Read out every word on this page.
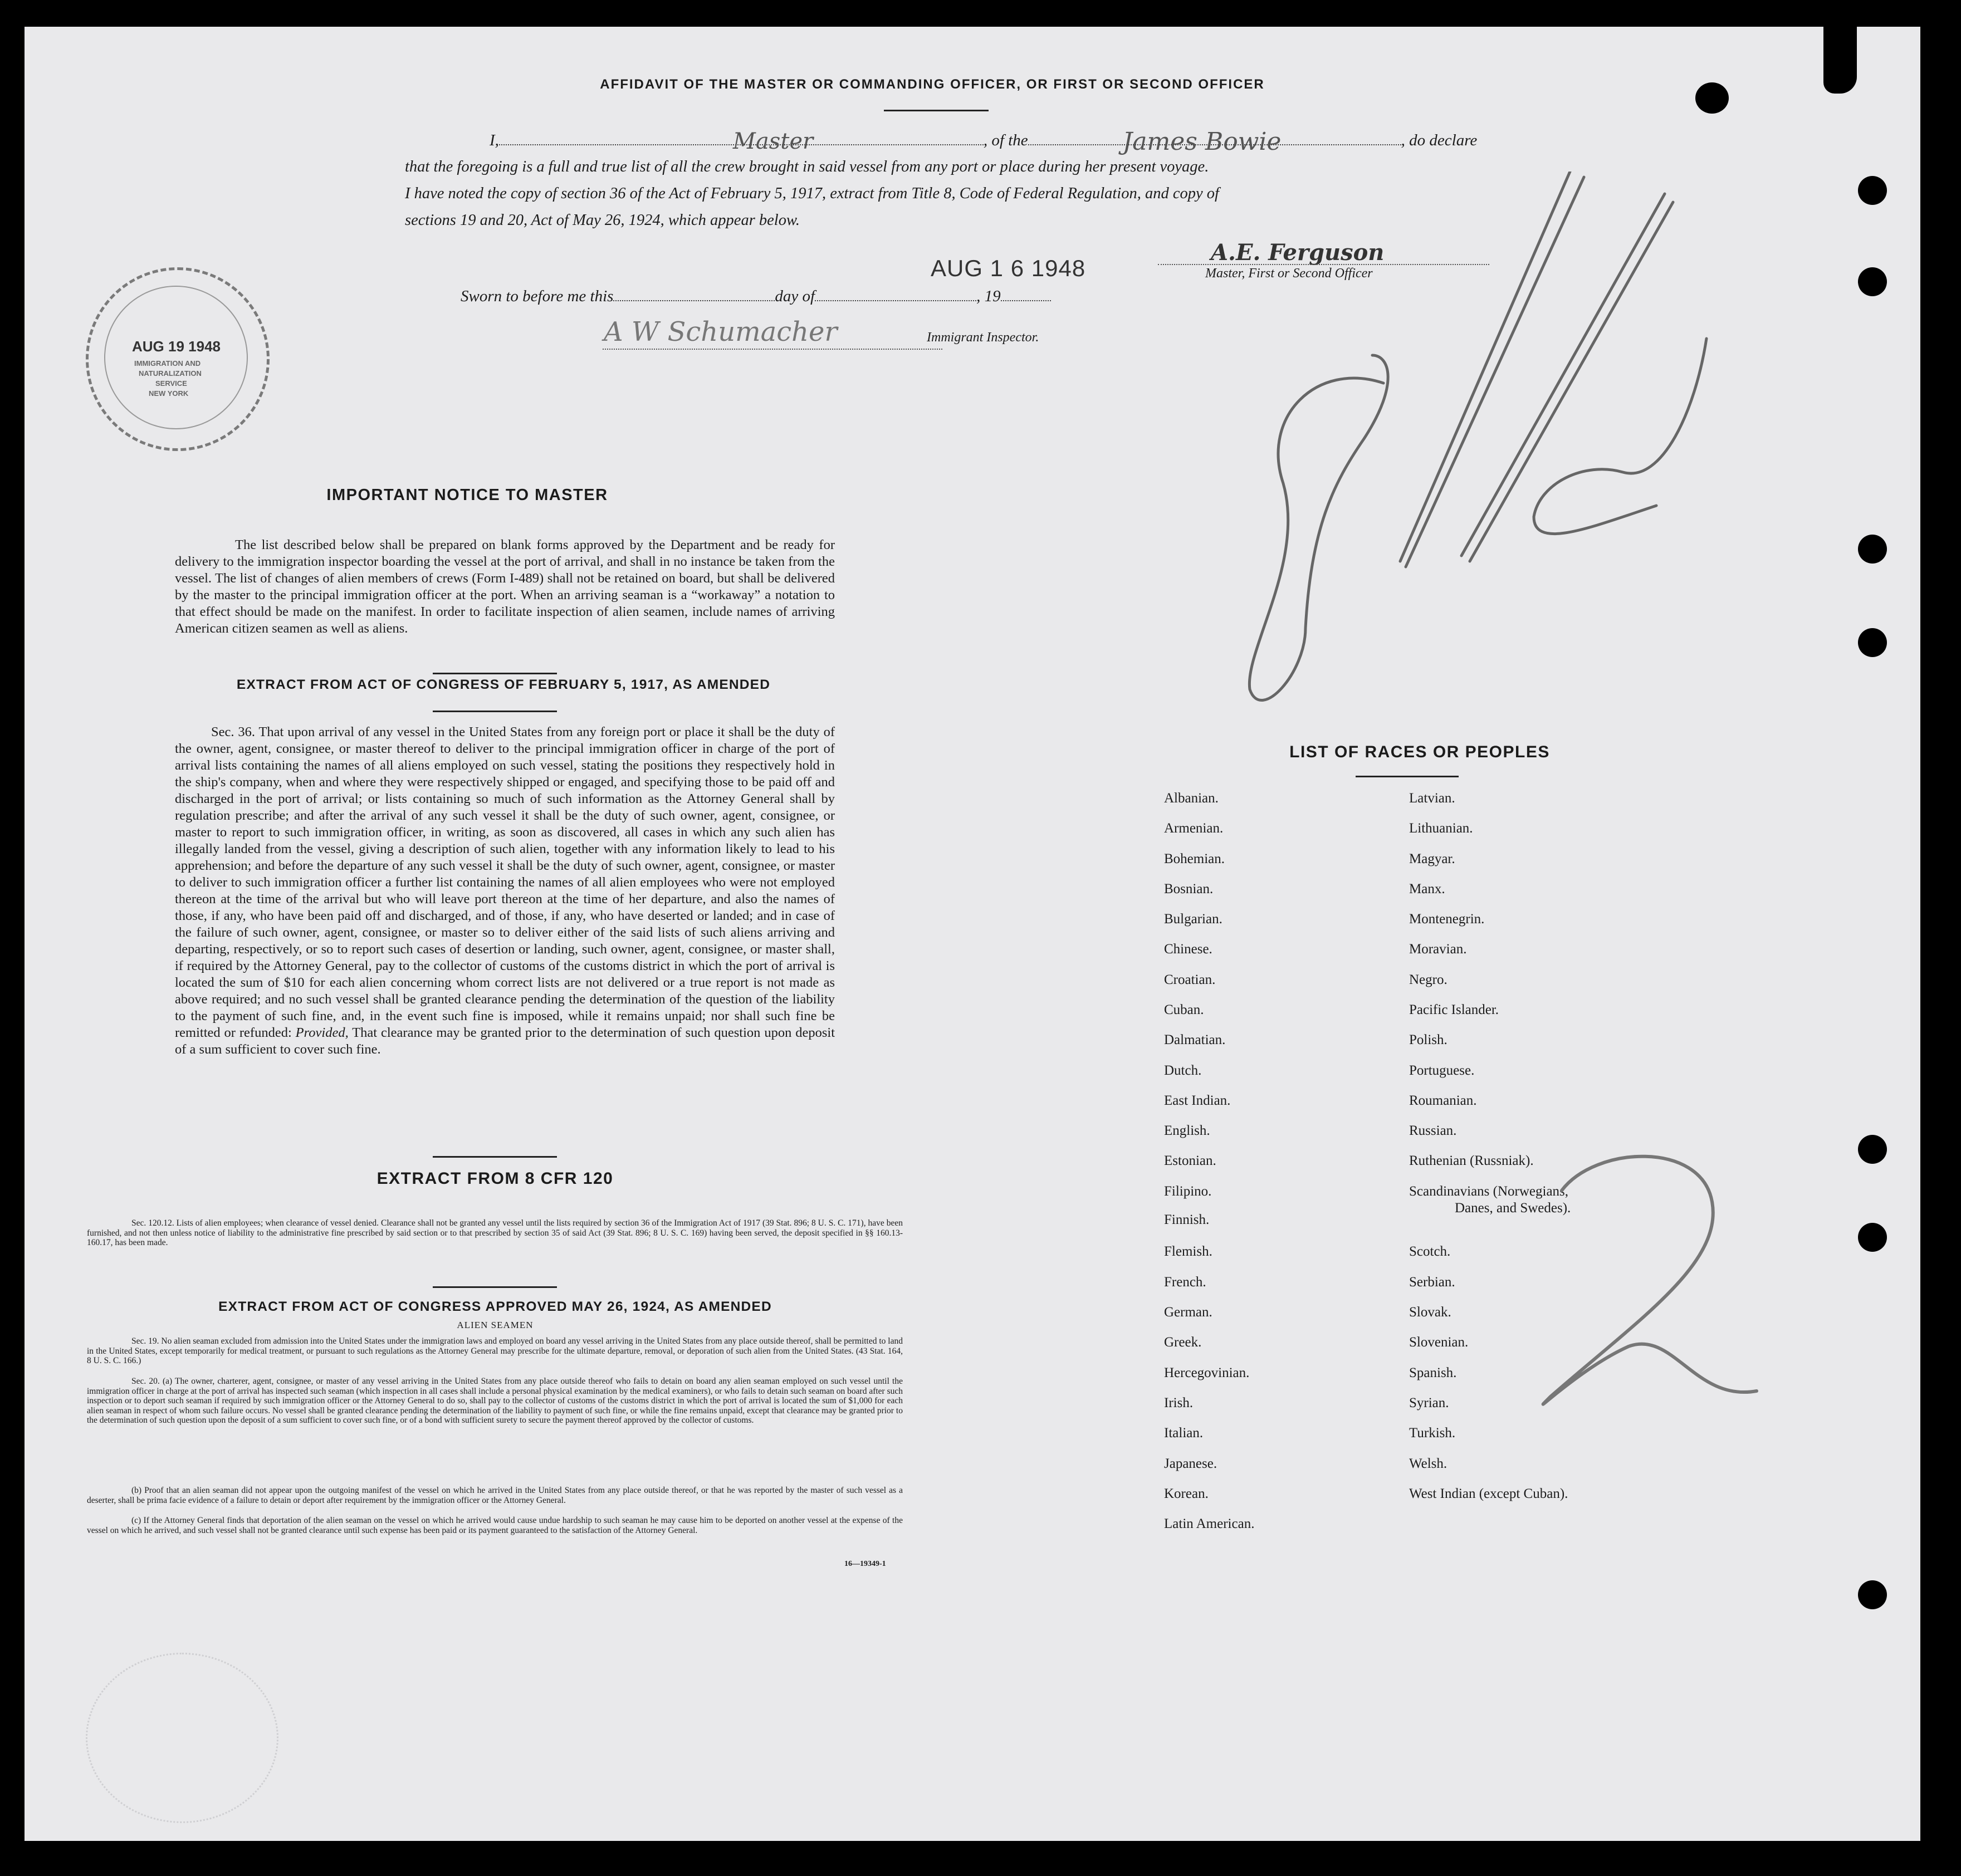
AFFIDAVIT OF THE MASTER OR COMMANDING OFFICER, OR FIRST OR SECOND OFFICER
I,	Master	, of the	James Bowie	, do declare
that the foregoing is a full and true list of all the crew brought in said vessel from any port or place during her present voyage.
I have noted the copy of section 36 of the Act of February 5, 1917, extract from Title 8, Code of Federal Regulation, and copy of
sections 19 and 20, Act of May 26, 1924, which appear below.
AUG 1 6 1948
A.E. Ferguson
Master, First or Second Officer
Sworn to before me this	day of	, 19
A W Schumacher	Immigrant Inspector.
AUG 19 1948
IMMIGRATION AND
NATURALIZATION
SERVICE
NEW YORK
IMPORTANT NOTICE TO MASTER
The list described below shall be prepared on blank forms approved by the Department and be ready for delivery to the immigration inspector boarding the vessel at the port of arrival, and shall in no instance be taken from the vessel. The list of changes of alien members of crews (Form I-489) shall not be retained on board, but shall be delivered by the master to the principal immigration officer at the port. When an arriving seaman is a “workaway” a notation to that effect should be made on the manifest. In order to facilitate inspection of alien seamen, include names of arriving American citizen seamen as well as aliens.
EXTRACT FROM ACT OF CONGRESS OF FEBRUARY 5, 1917, AS AMENDED
Sec. 36. That upon arrival of any vessel in the United States from any foreign port or place it shall be the duty of the owner, agent, consignee, or master thereof to deliver to the principal immigration officer in charge of the port of arrival lists containing the names of all aliens employed on such vessel, stating the positions they respectively hold in the ship's company, when and where they were respectively shipped or engaged, and specifying those to be paid off and discharged in the port of arrival; or lists containing so much of such information as the Attorney General shall by regulation prescribe; and after the arrival of any such vessel it shall be the duty of such owner, agent, consignee, or master to report to such immigration officer, in writing, as soon as discovered, all cases in which any such alien has illegally landed from the vessel, giving a description of such alien, together with any information likely to lead to his apprehension; and before the departure of any such vessel it shall be the duty of such owner, agent, consignee, or master to deliver to such immigration officer a further list containing the names of all alien employees who were not employed thereon at the time of the arrival but who will leave port thereon at the time of her departure, and also the names of those, if any, who have been paid off and discharged, and of those, if any, who have deserted or landed; and in case of the failure of such owner, agent, consignee, or master so to deliver either of the said lists of such aliens arriving and departing, respectively, or so to report such cases of desertion or landing, such owner, agent, consignee, or master shall, if required by the Attorney General, pay to the collector of customs of the customs district in which the port of arrival is located the sum of $10 for each alien concerning whom correct lists are not delivered or a true report is not made as above required; and no such vessel shall be granted clearance pending the determination of the question of the liability to the payment of such fine, and, in the event such fine is imposed, while it remains unpaid; nor shall such fine be remitted or refunded: Provided, That clearance may be granted prior to the determination of such question upon deposit of a sum sufficient to cover such fine.
EXTRACT FROM 8 CFR 120
Sec. 120.12. Lists of alien employees; when clearance of vessel denied. Clearance shall not be granted any vessel until the lists required by section 36 of the Immigration Act of 1917 (39 Stat. 896; 8 U. S. C. 171), have been furnished, and not then unless notice of liability to the administrative fine prescribed by said section or to that prescribed by section 35 of said Act (39 Stat. 896; 8 U. S. C. 169) having been served, the deposit specified in §§ 160.13-160.17, has been made.
EXTRACT FROM ACT OF CONGRESS APPROVED MAY 26, 1924, AS AMENDED
ALIEN SEAMEN
Sec. 19. No alien seaman excluded from admission into the United States under the immigration laws and employed on board any vessel arriving in the United States from any place outside thereof, shall be permitted to land in the United States, except temporarily for medical treatment, or pursuant to such regulations as the Attorney General may prescribe for the ultimate departure, removal, or deporation of such alien from the United States. (43 Stat. 164, 8 U. S. C. 166.)
Sec. 20. (a) The owner, charterer, agent, consignee, or master of any vessel arriving in the United States from any place outside thereof who fails to detain on board any alien seaman employed on such vessel until the immigration officer in charge at the port of arrival has inspected such seaman (which inspection in all cases shall include a personal physical examination by the medical examiners), or who fails to detain such seaman on board after such inspection or to deport such seaman if required by such immigration officer or the Attorney General to do so, shall pay to the collector of customs of the customs district in which the port of arrival is located the sum of $1,000 for each alien seaman in respect of whom such failure occurs. No vessel shall be granted clearance pending the determination of the liability to payment of such fine, or while the fine remains unpaid, except that clearance may be granted prior to the determination of such question upon the deposit of a sum sufficient to cover such fine, or of a bond with sufficient surety to secure the payment thereof approved by the collector of customs.
(b) Proof that an alien seaman did not appear upon the outgoing manifest of the vessel on which he arrived in the United States from any place outside thereof, or that he was reported by the master of such vessel as a deserter, shall be prima facie evidence of a failure to detain or deport after requirement by the immigration officer or the Attorney General.
(c) If the Attorney General finds that deportation of the alien seaman on the vessel on which he arrived would cause undue hardship to such seaman he may cause him to be deported on another vessel at the expense of the vessel on which he arrived, and such vessel shall not be granted clearance until such expense has been paid or its payment guaranteed to the satisfaction of the Attorney General.
16—19349-1
LIST OF RACES OR PEOPLES
Albanian.
Armenian.
Bohemian.
Bosnian.
Bulgarian.
Chinese.
Croatian.
Cuban.
Dalmatian.
Dutch.
East Indian.
English.
Estonian.
Filipino.
Finnish.
Flemish.
French.
German.
Greek.
Hercegovinian.
Irish.
Italian.
Japanese.
Korean.
Latin American.
Latvian.
Lithuanian.
Magyar.
Manx.
Montenegrin.
Moravian.
Negro.
Pacific Islander.
Polish.
Portuguese.
Roumanian.
Russian.
Ruthenian (Russniak).
Scandinavians (Norwegians,
Danes, and Swedes).
Scotch.
Serbian.
Slovak.
Slovenian.
Spanish.
Syrian.
Turkish.
Welsh.
West Indian (except Cuban).
